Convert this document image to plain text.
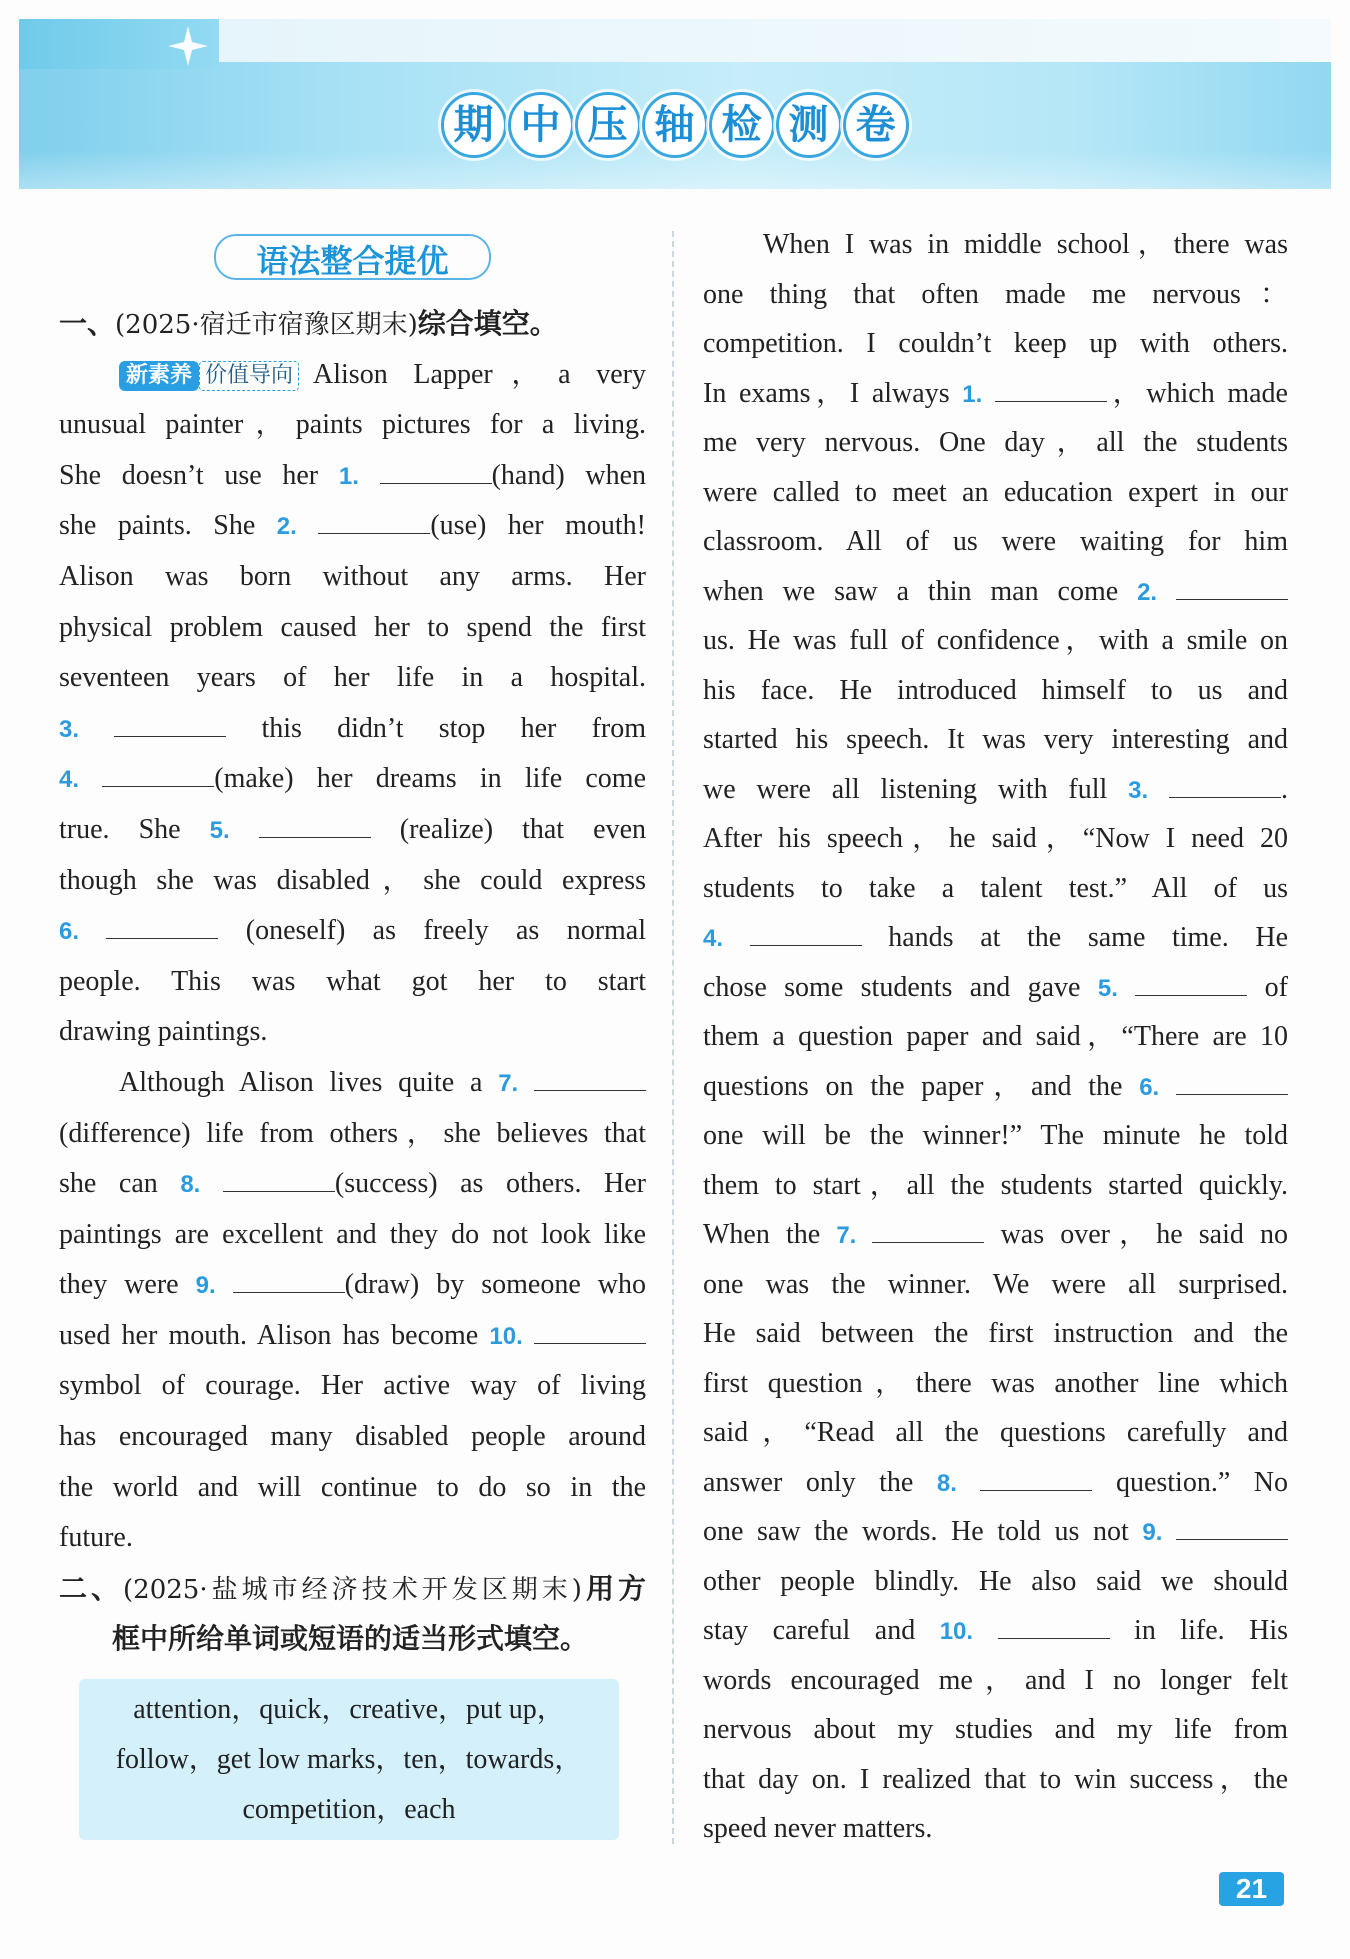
期 中 压 轴 检 测 卷
语法整合提优
一、(2025·宿迁市宿豫区期末)综合填空。
新素养 价值导向 Alison Lapper，a very
unusual painter，paints pictures for a living.
She doesn’t use her 1.	(hand) when
she paints. She 2.	(use) her mouth!
Alison was born without any arms. Her
physical problem caused her to spend the first
seventeen years of her life in a hospital.
3.	this didn’t stop her from
4.	(make) her dreams in life come
true. She 5.	(realize) that even
though she was disabled，she could express
6.	(oneself) as freely as normal
people. This was what got her to start
drawing paintings.
Although Alison lives quite a 7.
(difference) life from others，she believes that
she can 8.	(success) as others. Her
paintings are excellent and they do not look like
they were 9.	(draw) by someone who
used her mouth. Alison has become 10.
symbol of courage. Her active way of living
has encouraged many disabled people around
the world and will continue to do so in the
future.
二、(2025·盐城市经济技术开发区期末)用方
框中所给单词或短语的适当形式填空。
attention，quick，creative，put up，
follow，get low marks，ten，towards，
competition，each
When I was in middle school，there was
one thing that often made me nervous：
competition. I couldn’t keep up with others.
In exams，I always 1.	，which made
me very nervous. One day，all the students
were called to meet an education expert in our
classroom. All of us were waiting for him
when we saw a thin man come 2.
us. He was full of confidence，with a smile on
his face. He introduced himself to us and
started his speech. It was very interesting and
we were all listening with full 3.	.
After his speech，he said，“Now I need 20
students to take a talent test.” All of us
4.	hands at the same time. He
chose some students and gave 5.	of
them a question paper and said，“There are 10
questions on the paper，and the 6.
one will be the winner!” The minute he told
them to start，all the students started quickly.
When the 7.	was over，he said no
one was the winner. We were all surprised.
He said between the first instruction and the
first question，there was another line which
said，“Read all the questions carefully and
answer only the 8.	question.” No
one saw the words. He told us not 9.
other people blindly. He also said we should
stay careful and 10.	in life. His
words encouraged me，and I no longer felt
nervous about my studies and my life from
that day on. I realized that to win success，the
speed never matters.
21
